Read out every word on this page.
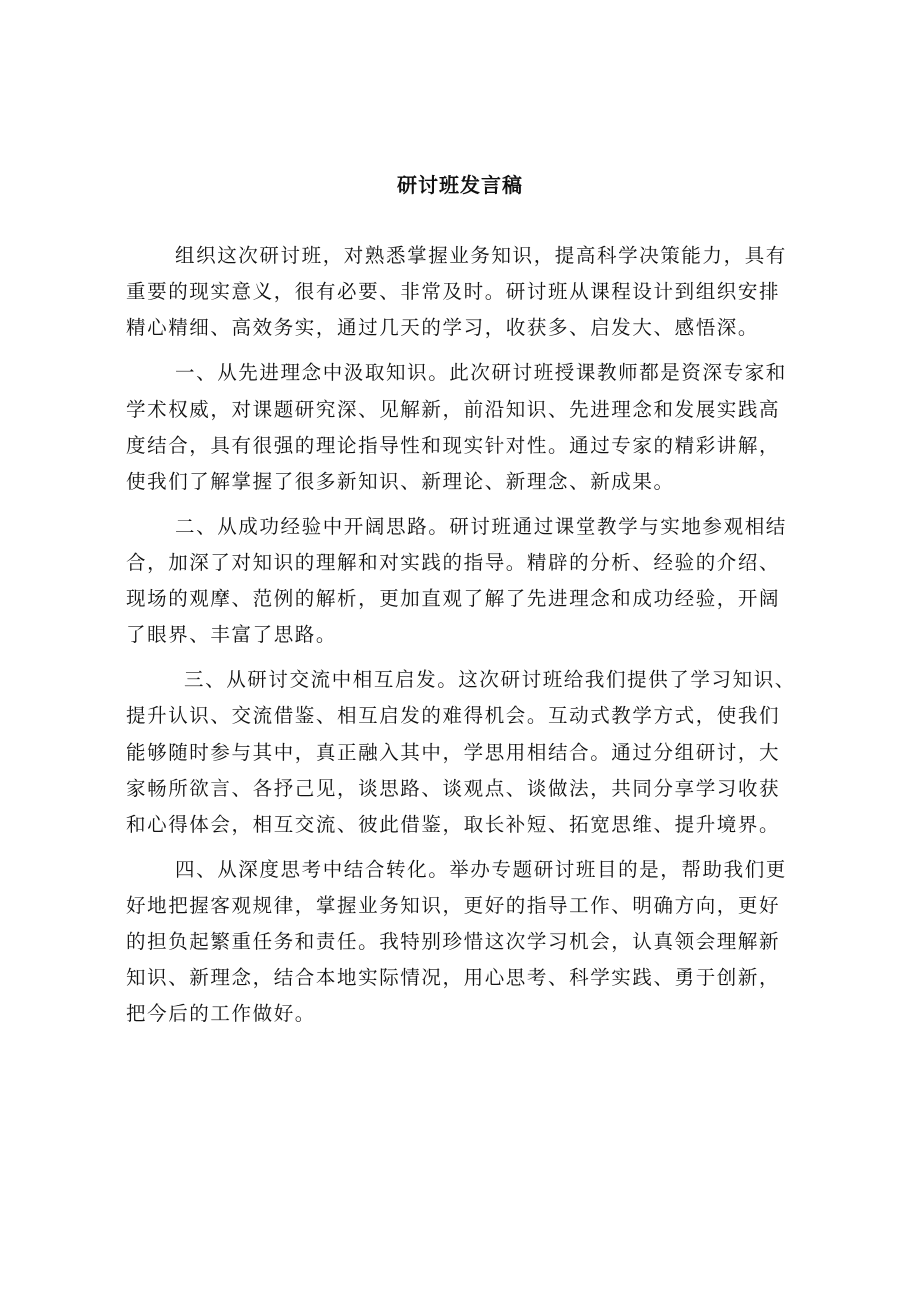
研讨班发言稿
组织这次研讨班，对熟悉掌握业务知识，提高科学决策能力，具有
重要的现实意义，很有必要、非常及时。研讨班从课程设计到组织安排
精心精细、高效务实，通过几天的学习，收获多、启发大、感悟深。
一、从先进理念中汲取知识。此次研讨班授课教师都是资深专家和
学术权威，对课题研究深、见解新，前沿知识、先进理念和发展实践高
度结合，具有很强的理论指导性和现实针对性。通过专家的精彩讲解，
使我们了解掌握了很多新知识、新理论、新理念、新成果。
二、从成功经验中开阔思路。研讨班通过课堂教学与实地参观相结
合，加深了对知识的理解和对实践的指导。精辟的分析、经验的介绍、
现场的观摩、范例的解析，更加直观了解了先进理念和成功经验，开阔
了眼界、丰富了思路。
三、从研讨交流中相互启发。这次研讨班给我们提供了学习知识、
提升认识、交流借鉴、相互启发的难得机会。互动式教学方式，使我们
能够随时参与其中，真正融入其中，学思用相结合。通过分组研讨，大
家畅所欲言、各抒己见，谈思路、谈观点、谈做法，共同分享学习收获
和心得体会，相互交流、彼此借鉴，取长补短、拓宽思维、提升境界。
四、从深度思考中结合转化。举办专题研讨班目的是，帮助我们更
好地把握客观规律，掌握业务知识，更好的指导工作、明确方向，更好
的担负起繁重任务和责任。我特别珍惜这次学习机会，认真领会理解新
知识、新理念，结合本地实际情况，用心思考、科学实践、勇于创新，
把今后的工作做好。
